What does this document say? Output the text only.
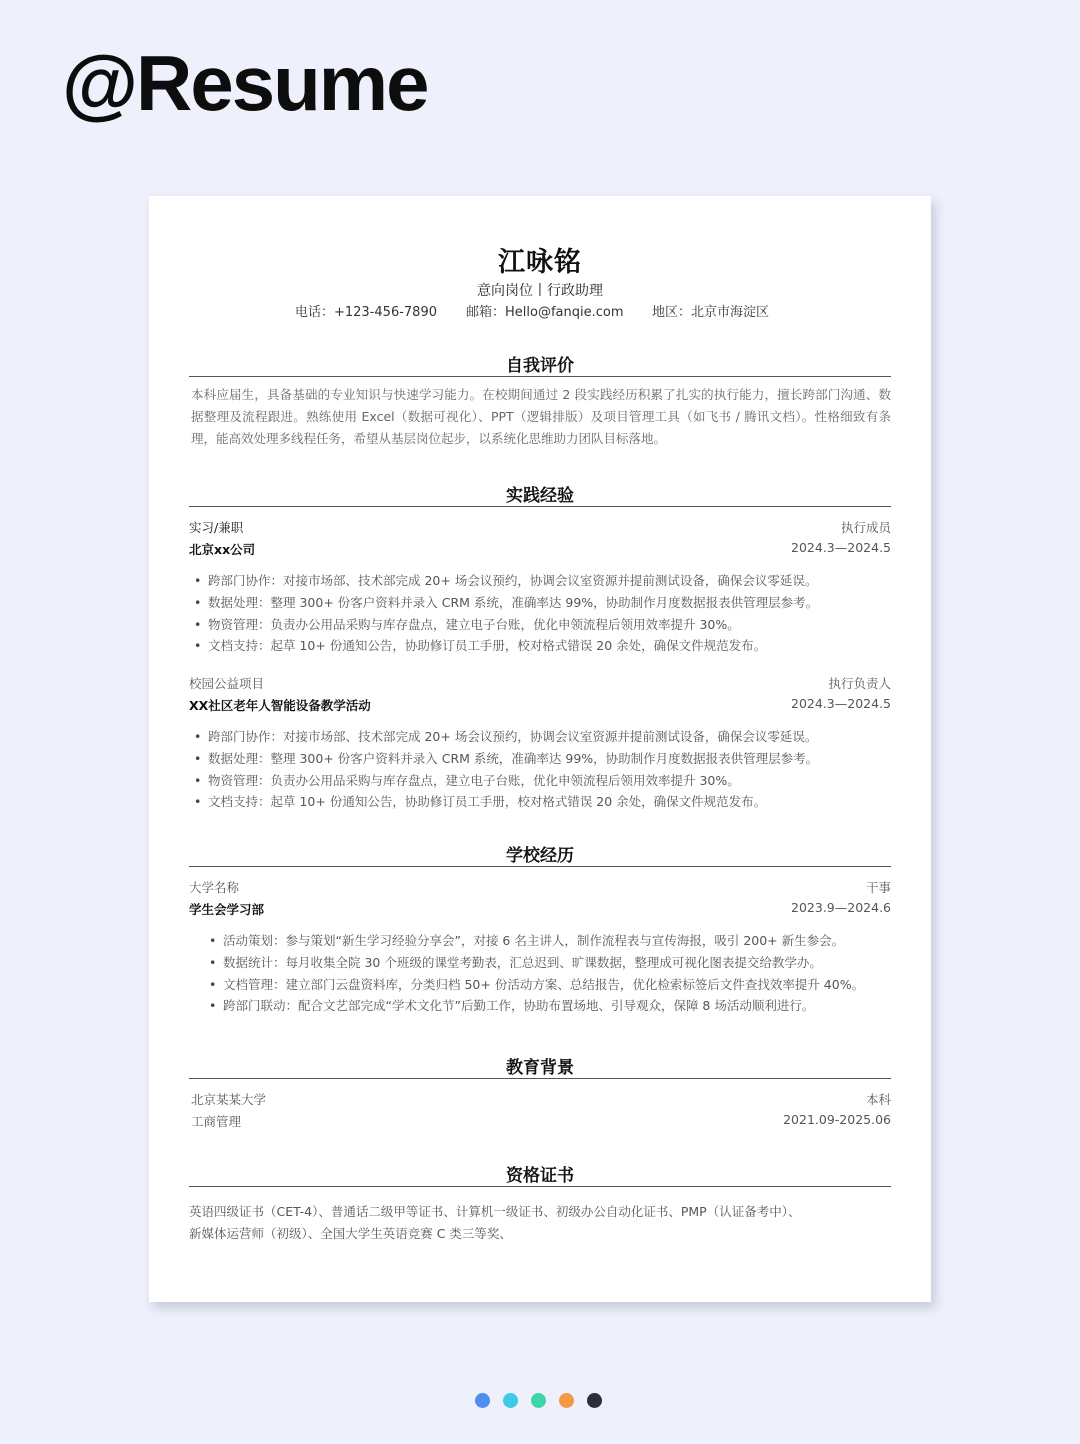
@Resume
江咏铭
意向岗位丨行政助理
电话：+123-456-7890 邮箱：Hello@fanqie.com 地区：北京市海淀区
自我评价
本科应届生，具备基础的专业知识与快速学习能力。在校期间通过 2 段实践经历积累了扎实的执行能力，擅长跨部门沟通、数据整理及流程跟进。熟练使用 Excel（数据可视化）、PPT（逻辑排版）及项目管理工具（如飞书 / 腾讯文档）。性格细致有条理，能高效处理多线程任务，希望从基层岗位起步，以系统化思维助力团队目标落地。
实践经验
实习/兼职	执行成员
北京xx公司	2024.3—2024.5
• 跨部门协作：对接市场部、技术部完成 20+ 场会议预约，协调会议室资源并提前测试设备，确保会议零延误。
• 数据处理：整理 300+ 份客户资料并录入 CRM 系统，准确率达 99%，协助制作月度数据报表供管理层参考。
• 物资管理：负责办公用品采购与库存盘点，建立电子台账，优化申领流程后领用效率提升 30%。
• 文档支持：起草 10+ 份通知公告，协助修订员工手册，校对格式错误 20 余处，确保文件规范发布。
校园公益项目	执行负责人
XX社区老年人智能设备教学活动	2024.3—2024.5
• 跨部门协作：对接市场部、技术部完成 20+ 场会议预约，协调会议室资源并提前测试设备，确保会议零延误。
• 数据处理：整理 300+ 份客户资料并录入 CRM 系统，准确率达 99%，协助制作月度数据报表供管理层参考。
• 物资管理：负责办公用品采购与库存盘点，建立电子台账，优化申领流程后领用效率提升 30%。
• 文档支持：起草 10+ 份通知公告，协助修订员工手册，校对格式错误 20 余处，确保文件规范发布。
学校经历
大学名称	干事
学生会学习部	2023.9—2024.6
• 活动策划：参与策划“新生学习经验分享会”，对接 6 名主讲人，制作流程表与宣传海报，吸引 200+ 新生参会。
• 数据统计：每月收集全院 30 个班级的课堂考勤表，汇总迟到、旷课数据，整理成可视化图表提交给教学办。
• 文档管理：建立部门云盘资料库，分类归档 50+ 份活动方案、总结报告，优化检索标签后文件查找效率提升 40%。
• 跨部门联动：配合文艺部完成“学术文化节”后勤工作，协助布置场地、引导观众，保障 8 场活动顺利进行。
教育背景
北京某某大学	本科
工商管理	2021.09-2025.06
资格证书
英语四级证书（CET-4）、普通话二级甲等证书、计算机一级证书、初级办公自动化证书、PMP（认证备考中）、
新媒体运营师（初级）、全国大学生英语竞赛 C 类三等奖、
